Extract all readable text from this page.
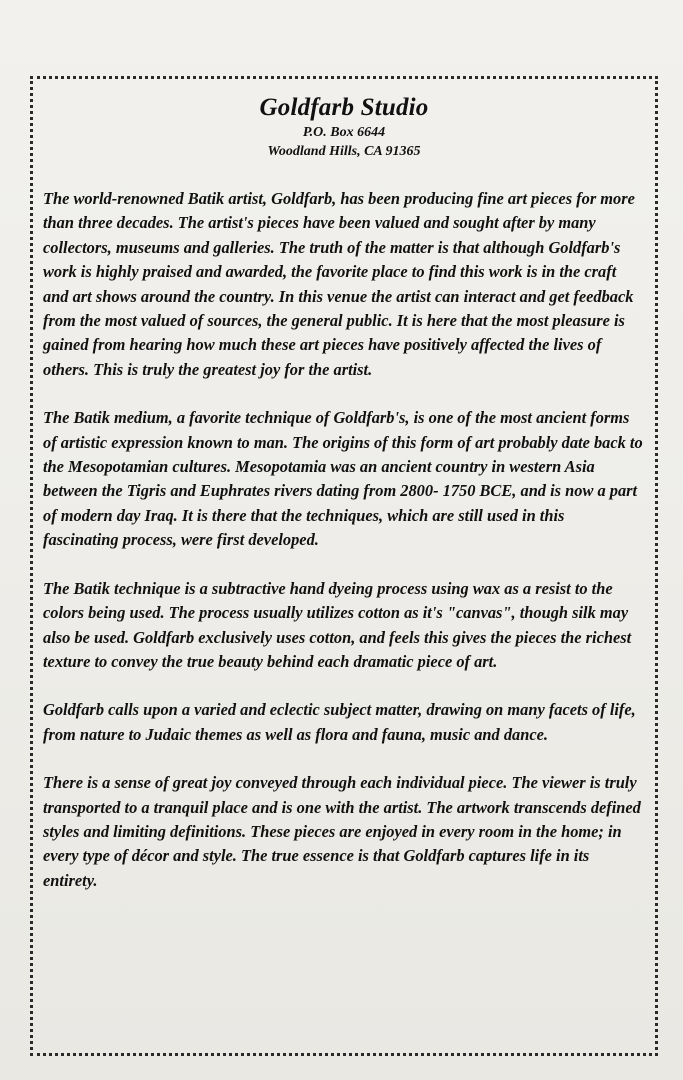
Goldfarb Studio
P.O. Box 6644
Woodland Hills, CA 91365

The world-renowned Batik artist, Goldfarb, has been producing fine art pieces for more than three decades. The artist's pieces have been valued and sought after by many collectors, museums and galleries. The truth of the matter is that although Goldfarb's work is highly praised and awarded, the favorite place to find this work is in the craft and art shows around the country. In this venue the artist can interact and get feedback from the most valued of sources, the general public. It is here that the most pleasure is gained from hearing how much these art pieces have positively affected the lives of others. This is truly the greatest joy for the artist.

The Batik medium, a favorite technique of Goldfarb's, is one of the most ancient forms of artistic expression known to man. The origins of this form of art probably date back to the Mesopotamian cultures. Mesopotamia was an ancient country in western Asia between the Tigris and Euphrates rivers dating from 2800- 1750 BCE, and is now a part of modern day Iraq. It is there that the techniques, which are still used in this fascinating process, were first developed.

The Batik technique is a subtractive hand dyeing process using wax as a resist to the colors being used. The process usually utilizes cotton as it's "canvas", though silk may also be used. Goldfarb exclusively uses cotton, and feels this gives the pieces the richest texture to convey the true beauty behind each dramatic piece of art.

Goldfarb calls upon a varied and eclectic subject matter, drawing on many facets of life, from nature to Judaic themes as well as flora and fauna, music and dance.

There is a sense of great joy conveyed through each individual piece. The viewer is truly transported to a tranquil place and is one with the artist. The artwork transcends defined styles and limiting definitions. These pieces are enjoyed in every room in the home; in every type of décor and style. The true essence is that Goldfarb captures life in its entirety.
